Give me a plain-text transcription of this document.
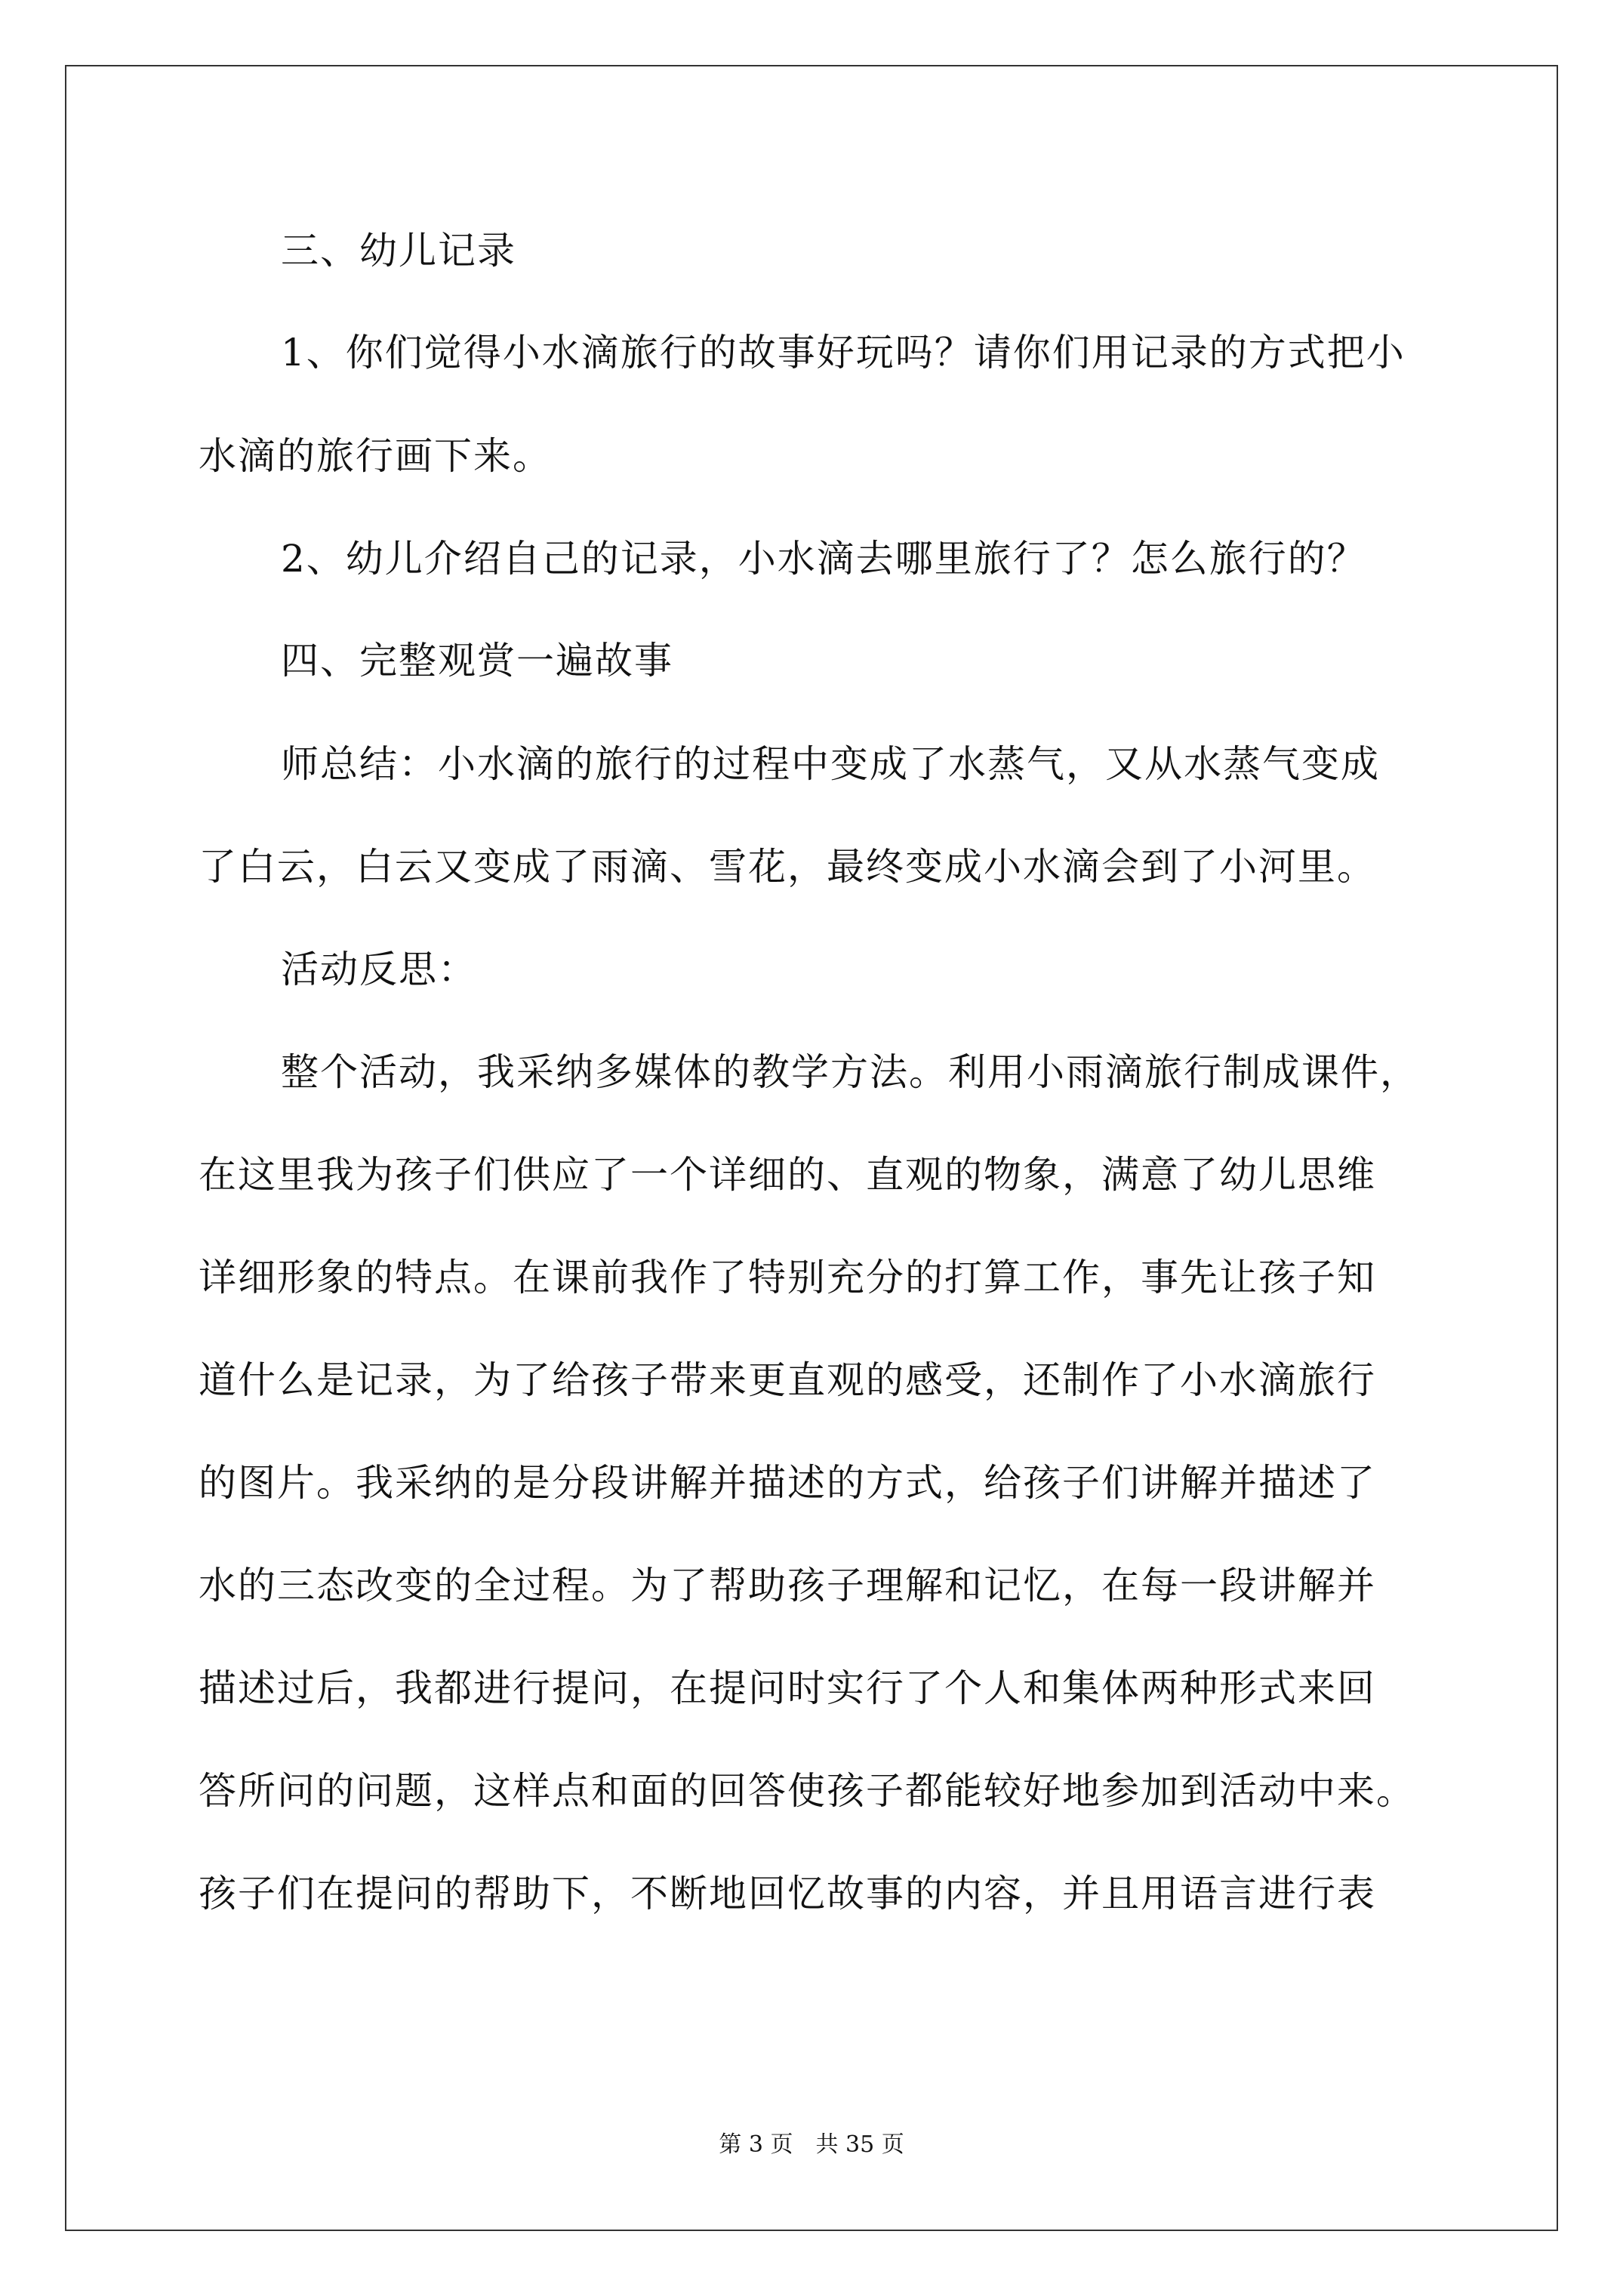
三、幼儿记录
1、你们觉得小水滴旅行的故事好玩吗？请你们用记录的方式把小
水滴的旅行画下来。
2、幼儿介绍自己的记录，小水滴去哪里旅行了？怎么旅行的？
四、完整观赏一遍故事
师总结：小水滴的旅行的过程中变成了水蒸气，又从水蒸气变成
了白云，白云又变成了雨滴、雪花，最终变成小水滴会到了小河里。
活动反思：
整个活动，我采纳多媒体的教学方法。利用小雨滴旅行制成课件，
在这里我为孩子们供应了一个详细的、直观的物象，满意了幼儿思维
详细形象的特点。在课前我作了特别充分的打算工作，事先让孩子知
道什么是记录，为了给孩子带来更直观的感受，还制作了小水滴旅行
的图片。我采纳的是分段讲解并描述的方式，给孩子们讲解并描述了
水的三态改变的全过程。为了帮助孩子理解和记忆，在每一段讲解并
描述过后，我都进行提问，在提问时实行了个人和集体两种形式来回
答所问的问题，这样点和面的回答使孩子都能较好地参加到活动中来。
孩子们在提问的帮助下，不断地回忆故事的内容，并且用语言进行表
第 3 页　共 35 页
